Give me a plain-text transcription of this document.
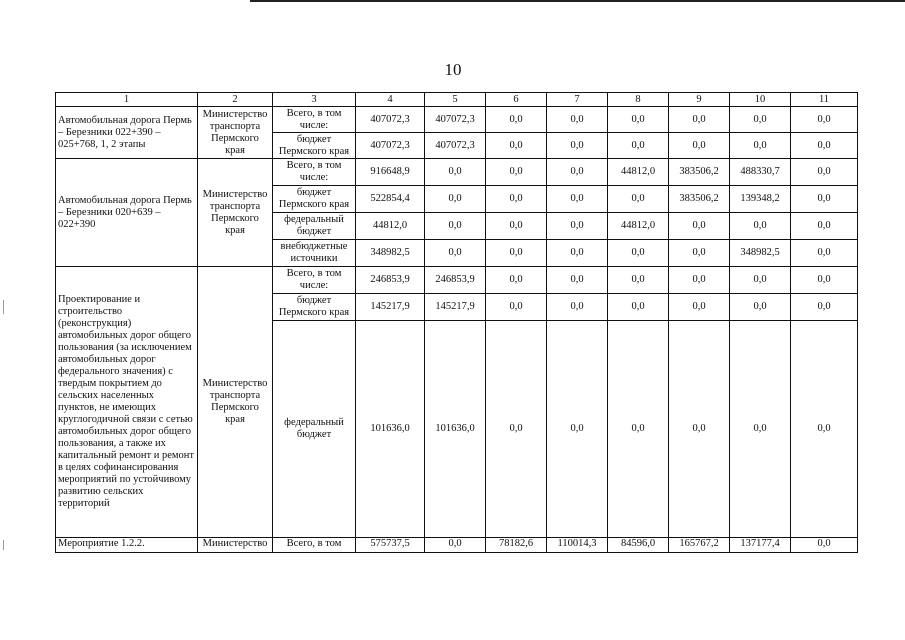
10
1	2	3	4	5	6	7	8	9	10	11
Автомобильная дорога Пермь – Березники 022+390 – 025+768, 1, 2 этапы	Министерство транспорта Пермского края	Всего, в том числе:	407072,3	407072,3	0,0	0,0	0,0	0,0	0,0	0,0
		бюджет Пермского края	407072,3	407072,3	0,0	0,0	0,0	0,0	0,0	0,0
Автомобильная дорога Пермь – Березники 020+639 – 022+390	Министерство транспорта Пермского края	Всего, в том числе:	916648,9	0,0	0,0	0,0	44812,0	383506,2	488330,7	0,0
		бюджет Пермского края	522854,4	0,0	0,0	0,0	0,0	383506,2	139348,2	0,0
		федеральный бюджет	44812,0	0,0	0,0	0,0	44812,0	0,0	0,0	0,0
		внебюджетные источники	348982,5	0,0	0,0	0,0	0,0	0,0	348982,5	0,0
Проектирование и строительство (реконструкция) автомобильных дорог общего пользования (за исключением автомобильных дорог федерального значения) с твердым покрытием до сельских населенных пунктов, не имеющих круглогодичной связи с сетью автомобильных дорог общего пользования, а также их капитальный ремонт и ремонт в целях софинансирования мероприятий по устойчивому развитию сельских территорий	Министерство транспорта Пермского края	Всего, в том числе:	246853,9	246853,9	0,0	0,0	0,0	0,0	0,0	0,0
		бюджет Пермского края	145217,9	145217,9	0,0	0,0	0,0	0,0	0,0	0,0
		федеральный бюджет	101636,0	101636,0	0,0	0,0	0,0	0,0	0,0	0,0
Мероприятие 1.2.2.	Министерство	Всего, в том	575737,5	0,0	78182,6	110014,3	84596,0	165767,2	137177,4	0,0
